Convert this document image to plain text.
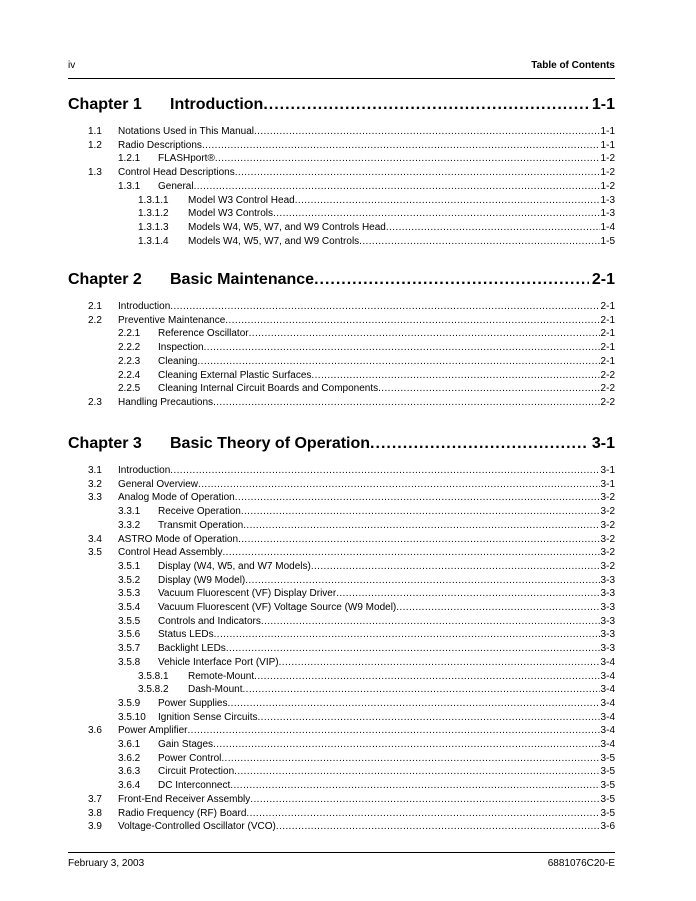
iv	Table of Contents
Chapter 1	Introduction .....	1-1
1.1	Notations Used in This Manual .....	1-1
1.2	Radio Descriptions .....	1-1
1.2.1	FLASHport® .....	1-2
1.3	Control Head Descriptions .....	1-2
1.3.1	General .....	1-2
1.3.1.1	Model W3 Control Head .....	1-3
1.3.1.2	Model W3 Controls .....	1-3
1.3.1.3	Models W4, W5, W7, and W9 Controls Head .....	1-4
1.3.1.4	Models W4, W5, W7, and W9 Controls .....	1-5
Chapter 2	Basic Maintenance .....	2-1
2.1	Introduction .....	2-1
2.2	Preventive Maintenance .....	2-1
2.2.1	Reference Oscillator .....	2-1
2.2.2	Inspection .....	2-1
2.2.3	Cleaning .....	2-1
2.2.4	Cleaning External Plastic Surfaces .....	2-2
2.2.5	Cleaning Internal Circuit Boards and Components .....	2-2
2.3	Handling Precautions .....	2-2
Chapter 3	Basic Theory of Operation .....	3-1
3.1	Introduction .....	3-1
3.2	General Overview .....	3-1
3.3	Analog Mode of Operation .....	3-2
3.3.1	Receive Operation .....	3-2
3.3.2	Transmit Operation .....	3-2
3.4	ASTRO Mode of Operation .....	3-2
3.5	Control Head Assembly .....	3-2
3.5.1	Display (W4, W5, and W7 Models) .....	3-2
3.5.2	Display (W9 Model) .....	3-3
3.5.3	Vacuum Fluorescent (VF) Display Driver .....	3-3
3.5.4	Vacuum Fluorescent (VF) Voltage Source (W9 Model) .....	3-3
3.5.5	Controls and Indicators .....	3-3
3.5.6	Status LEDs .....	3-3
3.5.7	Backlight LEDs .....	3-3
3.5.8	Vehicle Interface Port (VIP) .....	3-4
3.5.8.1	Remote-Mount .....	3-4
3.5.8.2	Dash-Mount .....	3-4
3.5.9	Power Supplies .....	3-4
3.5.10	Ignition Sense Circuits .....	3-4
3.6	Power Amplifier .....	3-4
3.6.1	Gain Stages .....	3-4
3.6.2	Power Control .....	3-5
3.6.3	Circuit Protection .....	3-5
3.6.4	DC Interconnect .....	3-5
3.7	Front-End Receiver Assembly .....	3-5
3.8	Radio Frequency (RF) Board .....	3-5
3.9	Voltage-Controlled Oscillator (VCO) .....	3-6
February 3, 2003	6881076C20-E
